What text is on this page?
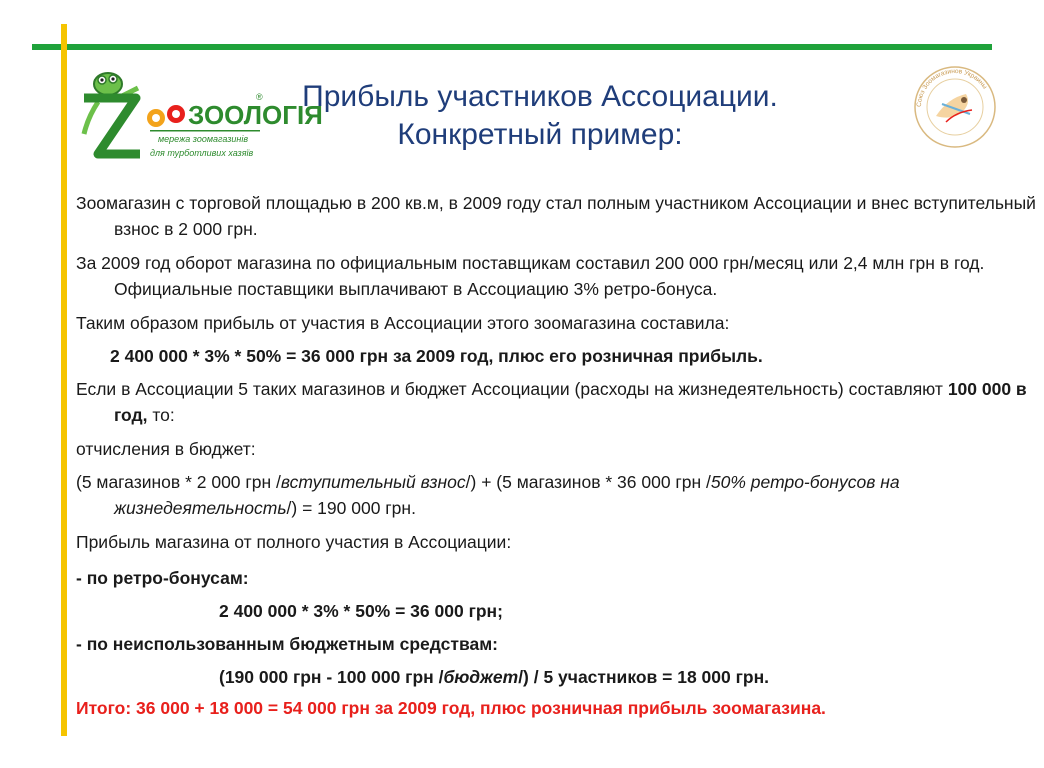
ЗООЛОГІЯ
®
мережа зоомагазинів
для турботливих хазяїв
Союз Зоомагазинов Украины
Прибыль участников Ассоциации.
Конкретный пример:
Зоомагазин с торговой площадью в 200 кв.м, в 2009 году стал полным участником Ассоциации и внес вступительный взнос в 2 000 грн.
За 2009 год оборот магазина по официальным поставщикам составил 200 000 грн/месяц или 2,4 млн грн в год. Официальные поставщики выплачивают в Ассоциацию 3% ретро-бонуса.
Таким образом прибыль от участия в Ассоциации этого зоомагазина составила:
2 400 000 * 3% * 50% = 36 000 грн за 2009 год, плюс его розничная прибыль.
Если в Ассоциации 5 таких магазинов и бюджет Ассоциации (расходы на жизнедеятельность) составляют 100 000 в год, то:
отчисления в бюджет:
(5 магазинов * 2 000 грн /вступительный взнос/) + (5 магазинов * 36 000 грн /50% ретро-бонусов на жизнедеятельность/) = 190 000 грн.
Прибыль магазина от полного участия в Ассоциации:
- по ретро-бонусам:
2 400 000 * 3% * 50% = 36 000 грн;
- по неиспользованным бюджетным средствам:
(190 000 грн - 100 000 грн /бюджет/) / 5 участников = 18 000 грн.
Итого: 36 000 + 18 000 = 54 000 грн за 2009 год, плюс розничная прибыль зоомагазина.
